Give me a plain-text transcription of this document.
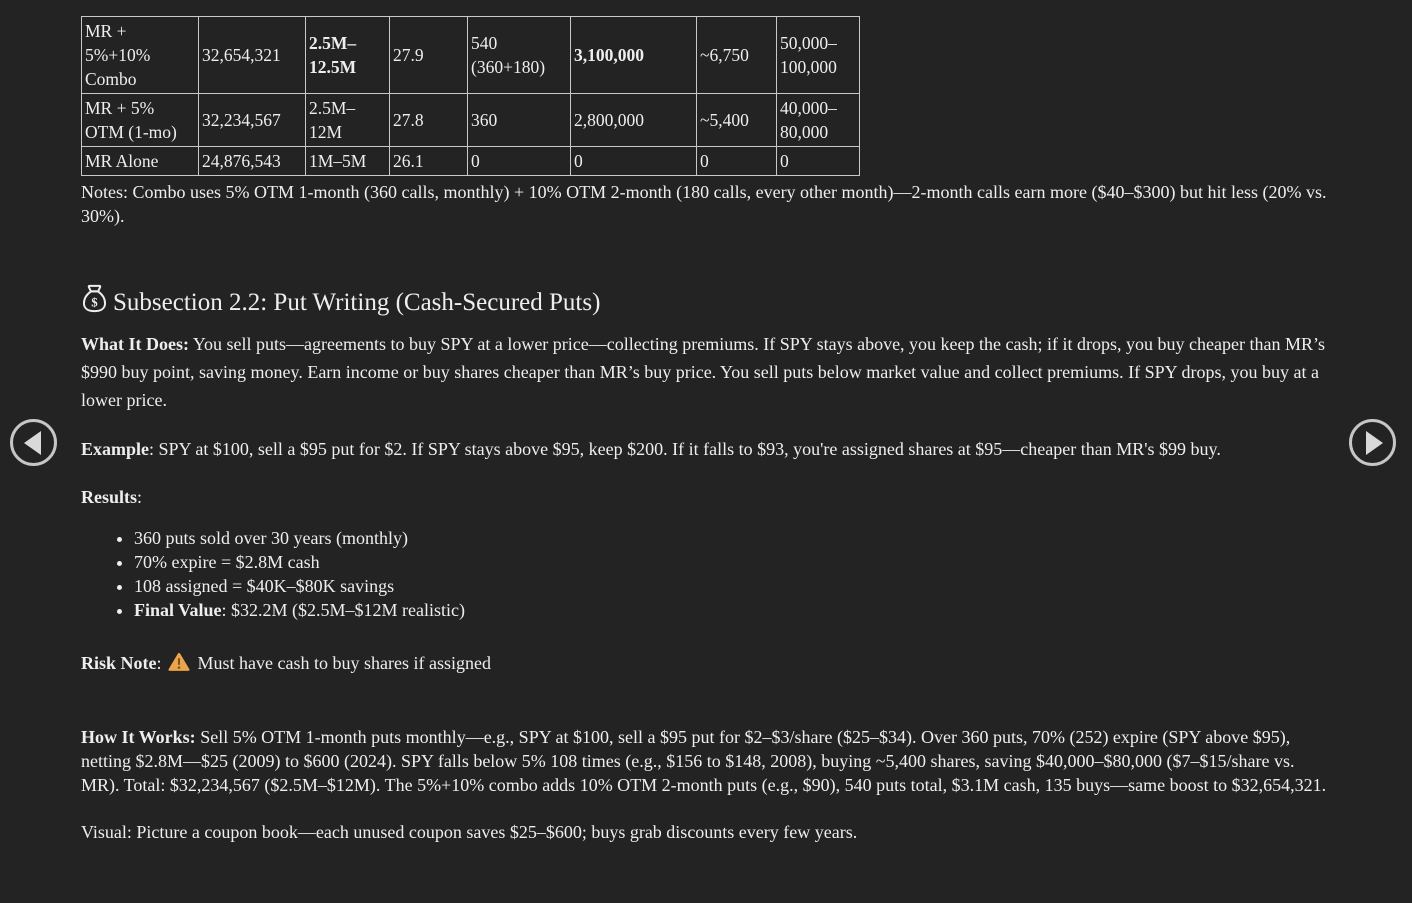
MR + 5%+10% Combo	32,654,321	2.5M–12.5M	27.9	540 (360+180)	3,100,000	~6,750	50,000–100,000
MR + 5% OTM (1-mo)	32,234,567	2.5M–12M	27.8	360	2,800,000	~5,400	40,000–80,000
MR Alone	24,876,543	1M–5M	26.1	0	0	0	0

Notes: Combo uses 5% OTM 1-month (360 calls, monthly) + 10% OTM 2-month (180 calls, every other month)—2-month calls earn more ($40–$300) but hit less (20% vs. 30%).

$ Subsection 2.2: Put Writing (Cash-Secured Puts)

What It Does: You sell puts—agreements to buy SPY at a lower price—collecting premiums. If SPY stays above, you keep the cash; if it drops, you buy cheaper than MR’s $990 buy point, saving money. Earn income or buy shares cheaper than MR’s buy price. You sell puts below market value and collect premiums. If SPY drops, you buy at a lower price.

Example: SPY at $100, sell a $95 put for $2. If SPY stays above $95, keep $200. If it falls to $93, you're assigned shares at $95—cheaper than MR's $99 buy.

Results:

• 360 puts sold over 30 years (monthly)
• 70% expire = $2.8M cash
• 108 assigned = $40K–$80K savings
• Final Value: $32.2M ($2.5M–$12M realistic)

Risk Note: Must have cash to buy shares if assigned

How It Works: Sell 5% OTM 1-month puts monthly—e.g., SPY at $100, sell a $95 put for $2–$3/share ($25–$34). Over 360 puts, 70% (252) expire (SPY above $95), netting $2.8M—$25 (2009) to $600 (2024). SPY falls below 5% 108 times (e.g., $156 to $148, 2008), buying ~5,400 shares, saving $40,000–$80,000 ($7–$15/share vs. MR). Total: $32,234,567 ($2.5M–$12M). The 5%+10% combo adds 10% OTM 2-month puts (e.g., $90), 540 puts total, $3.1M cash, 135 buys—same boost to $32,654,321.

Visual: Picture a coupon book—each unused coupon saves $25–$600; buys grab discounts every few years.
